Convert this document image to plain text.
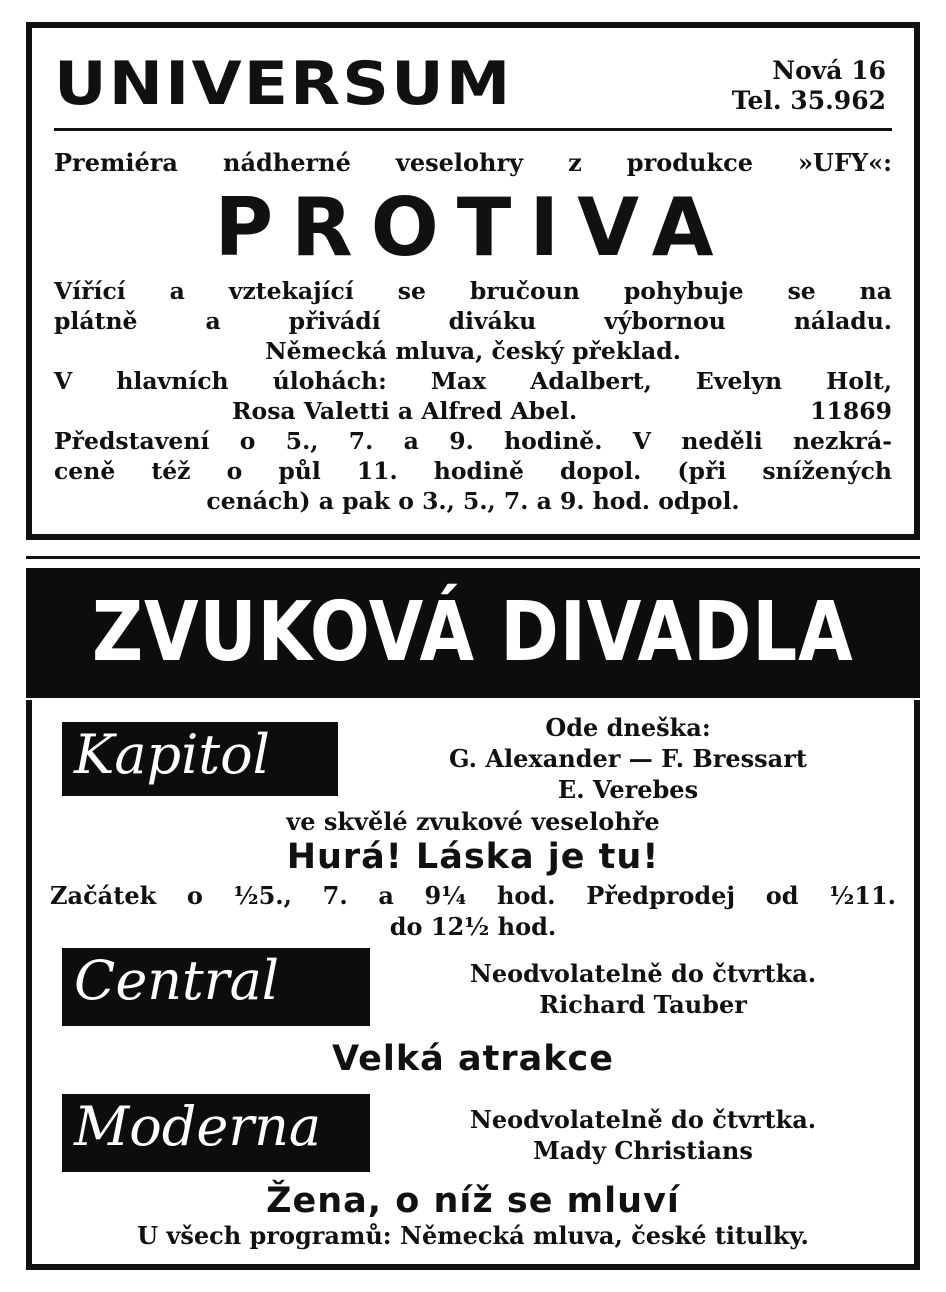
UNIVERSUM	Nová 16
Tel. 35.962
Premiéra nádherné veselohry z produkce »UFY«:
PROTIVA
Vířící a vztekající se bručoun pohybuje se na
plátně a přivádí diváku výbornou náladu.
Německá mluva, český překlad.
V hlavních úlohách: Max Adalbert, Evelyn Holt,
Rosa Valetti a Alfred Abel.	11869
Představení o 5., 7. a 9. hodině. V neděli nezkrá-
ceně též o půl 11. hodině dopol. (při snížených
cenách) a pak o 3., 5., 7. a 9. hod. odpol.
ZVUKOVÁ DIVADLA
Kapitol	Ode dneška:
G. Alexander — F. Bressart
E. Verebes
ve skvělé zvukové veselohře
Hurá! Láska je tu!
Začátek o ½5., 7. a 9¼ hod. Předprodej od ½11.
do 12½ hod.
Central	Neodvolatelně do čtvrtka.
Richard Tauber
Velká atrakce
Moderna	Neodvolatelně do čtvrtka.
Mady Christians
Žena, o níž se mluví
U všech programů: Německá mluva, české titulky.
